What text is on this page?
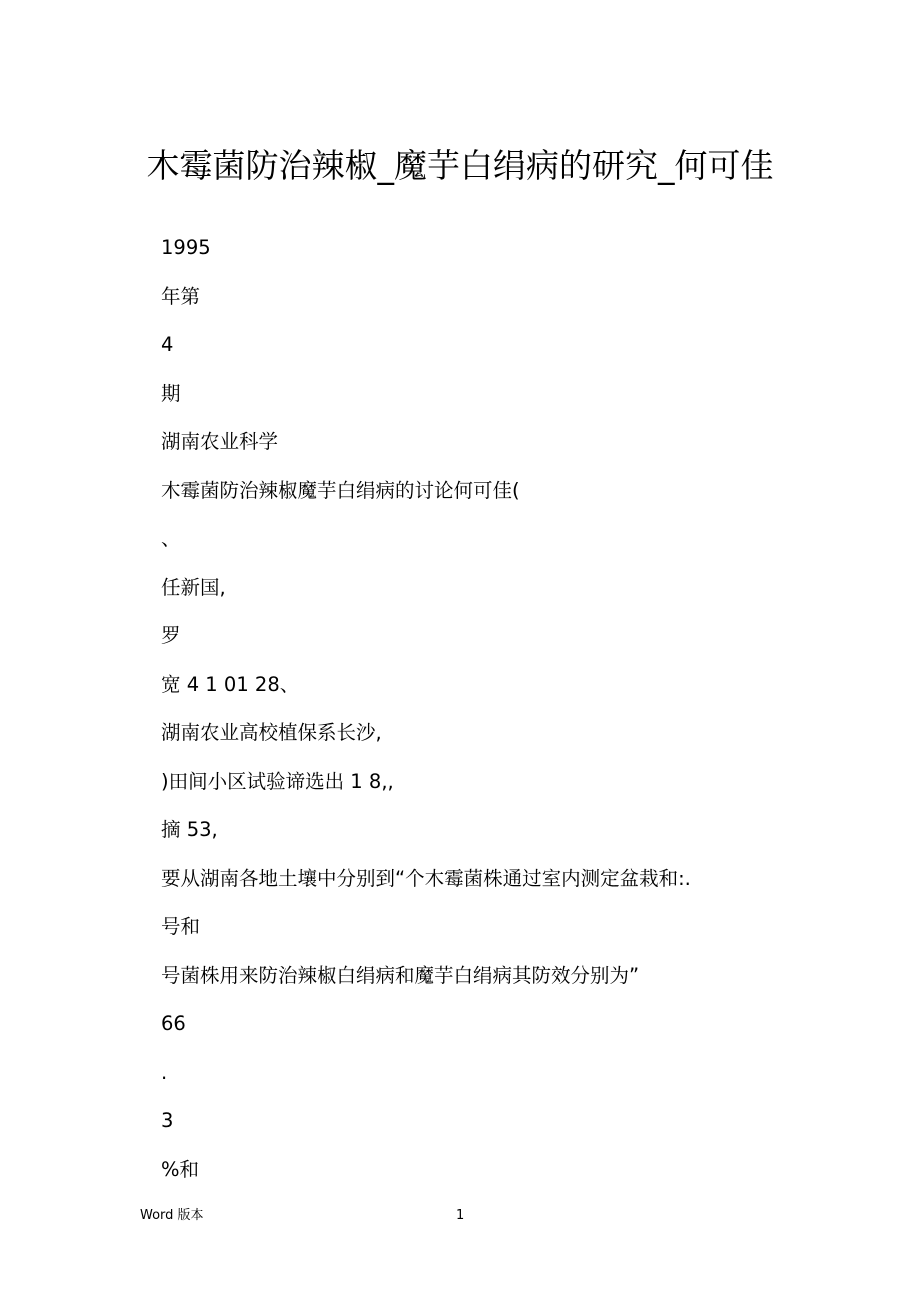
木霉菌防治辣椒_魔芋白绢病的研究_何可佳
1995
年第
4
期
湖南农业科学
木霉菌防治辣椒魔芋白绢病的讨论何可佳(
、
任新国,
罗
宽 4 1 01 28、
湖南农业高校植保系长沙,
)田间小区试验谛选出 1 8,,
摘 53,
要从湖南各地土壤中分别到“个木霉菌株通过室内测定盆栽和:.
号和
号菌株用来防治辣椒白绢病和魔芋白绢病其防效分别为”
66
.
3
%和
Word 版本	1
